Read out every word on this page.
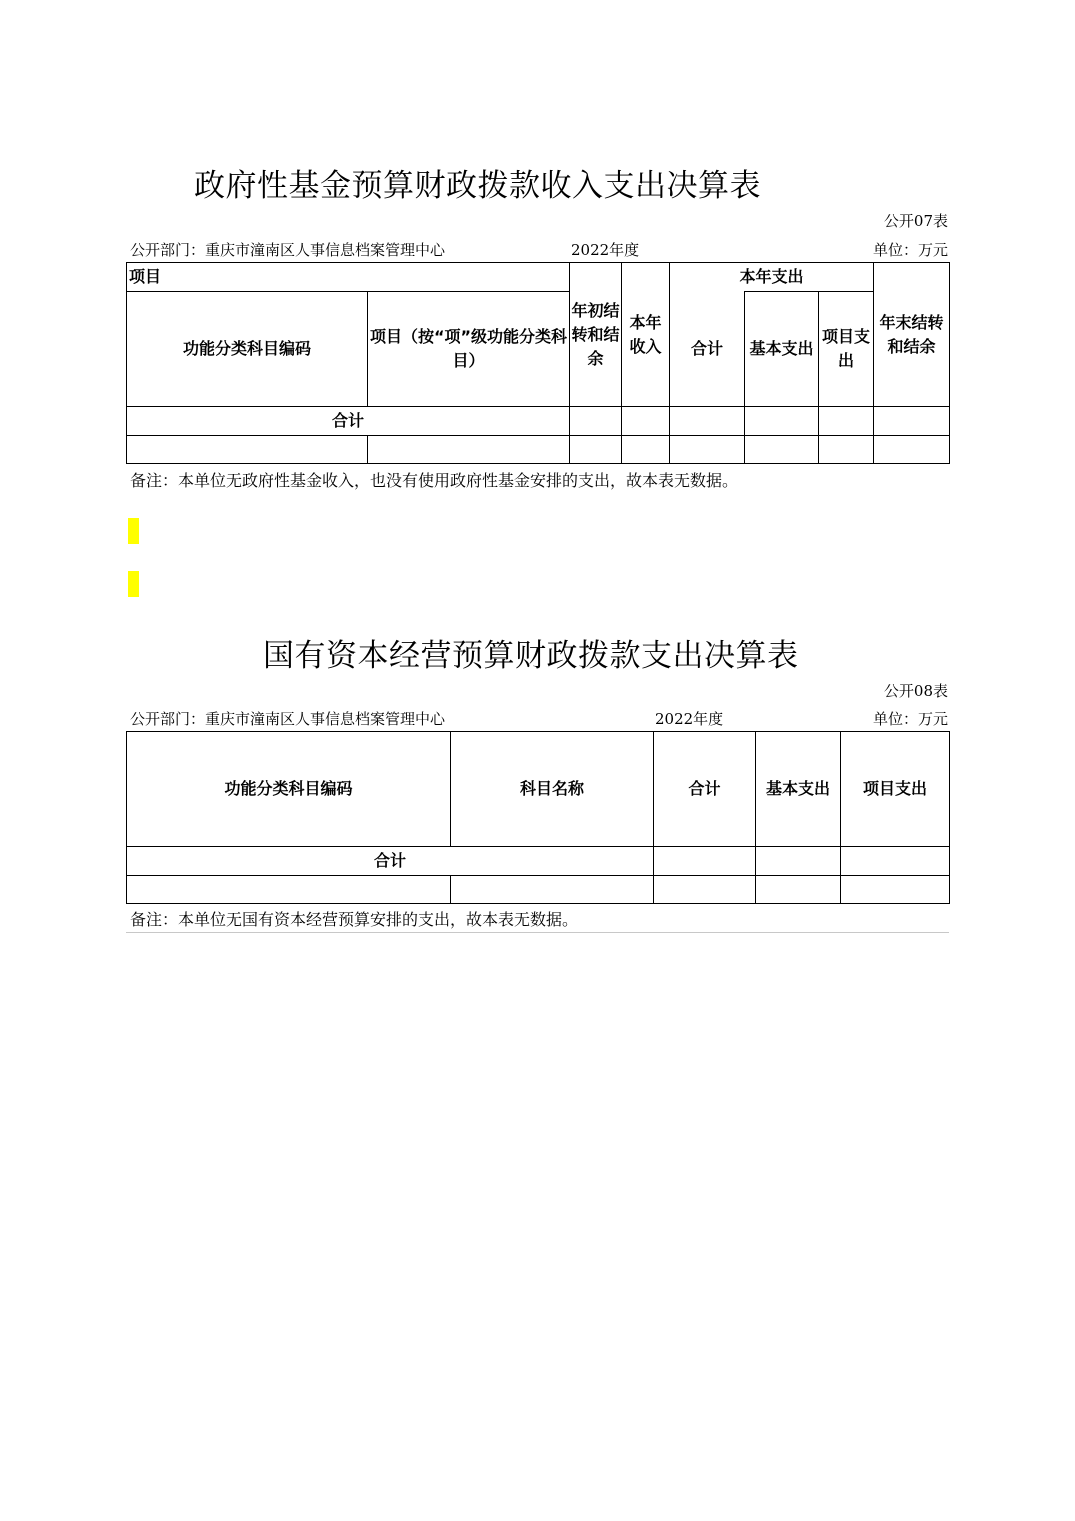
政府性基金预算财政拨款收入支出决算表
公开07表
公开部门：重庆市潼南区人事信息档案管理中心	2022年度	单位：万元
项目		年初结转和结余	本年收入	本年支出			年末结转和结余
功能分类科目编码	项目（按“项”级功能分类科目）			合计	基本支出	项目支出	
合计							

备注：本单位无政府性基金收入，也没有使用政府性基金安排的支出，故本表无数据。
国有资本经营预算财政拨款支出决算表
公开08表
公开部门：重庆市潼南区人事信息档案管理中心	2022年度	单位：万元
功能分类科目编码	科目名称	合计	基本支出	项目支出
合计				

备注：本单位无国有资本经营预算安排的支出，故本表无数据。
